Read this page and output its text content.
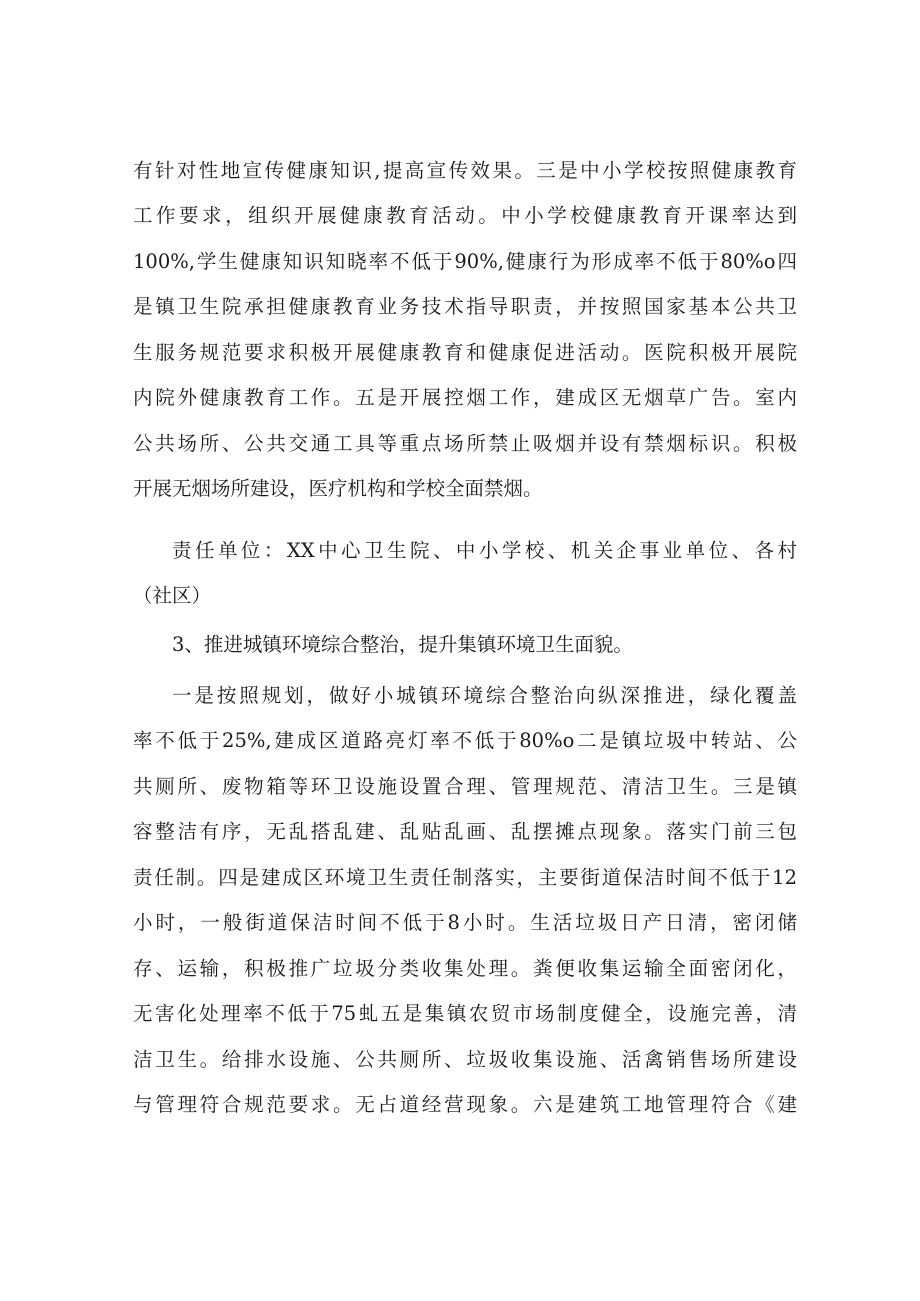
有针对性地宣传健康知识,提高宣传效果。三是中小学校按照健康教育
工作要求，组织开展健康教育活动。中小学校健康教育开课率达到
100%,学生健康知识知晓率不低于90%,健康行为形成率不低于80%o四
是镇卫生院承担健康教育业务技术指导职责，并按照国家基本公共卫
生服务规范要求积极开展健康教育和健康促进活动。医院积极开展院
内院外健康教育工作。五是开展控烟工作，建成区无烟草广告。室内
公共场所、公共交通工具等重点场所禁止吸烟并设有禁烟标识。积极
开展无烟场所建设，医疗机构和学校全面禁烟。
责任单位：XX中心卫生院、中小学校、机关企事业单位、各村
（社区）
3、推进城镇环境综合整治，提升集镇环境卫生面貌。
一是按照规划，做好小城镇环境综合整治向纵深推进，绿化覆盖
率不低于25%,建成区道路亮灯率不低于80%o二是镇垃圾中转站、公
共厕所、废物箱等环卫设施设置合理、管理规范、清洁卫生。三是镇
容整洁有序，无乱搭乱建、乱贴乱画、乱摆摊点现象。落实门前三包
责任制。四是建成区环境卫生责任制落实，主要街道保洁时间不低于12
小时，一般街道保洁时间不低于8小时。生活垃圾日产日清，密闭储
存、运输，积极推广垃圾分类收集处理。粪便收集运输全面密闭化，
无害化处理率不低于75虬五是集镇农贸市场制度健全，设施完善，清
洁卫生。给排水设施、公共厕所、垃圾收集设施、活禽销售场所建设
与管理符合规范要求。无占道经营现象。六是建筑工地管理符合《建
